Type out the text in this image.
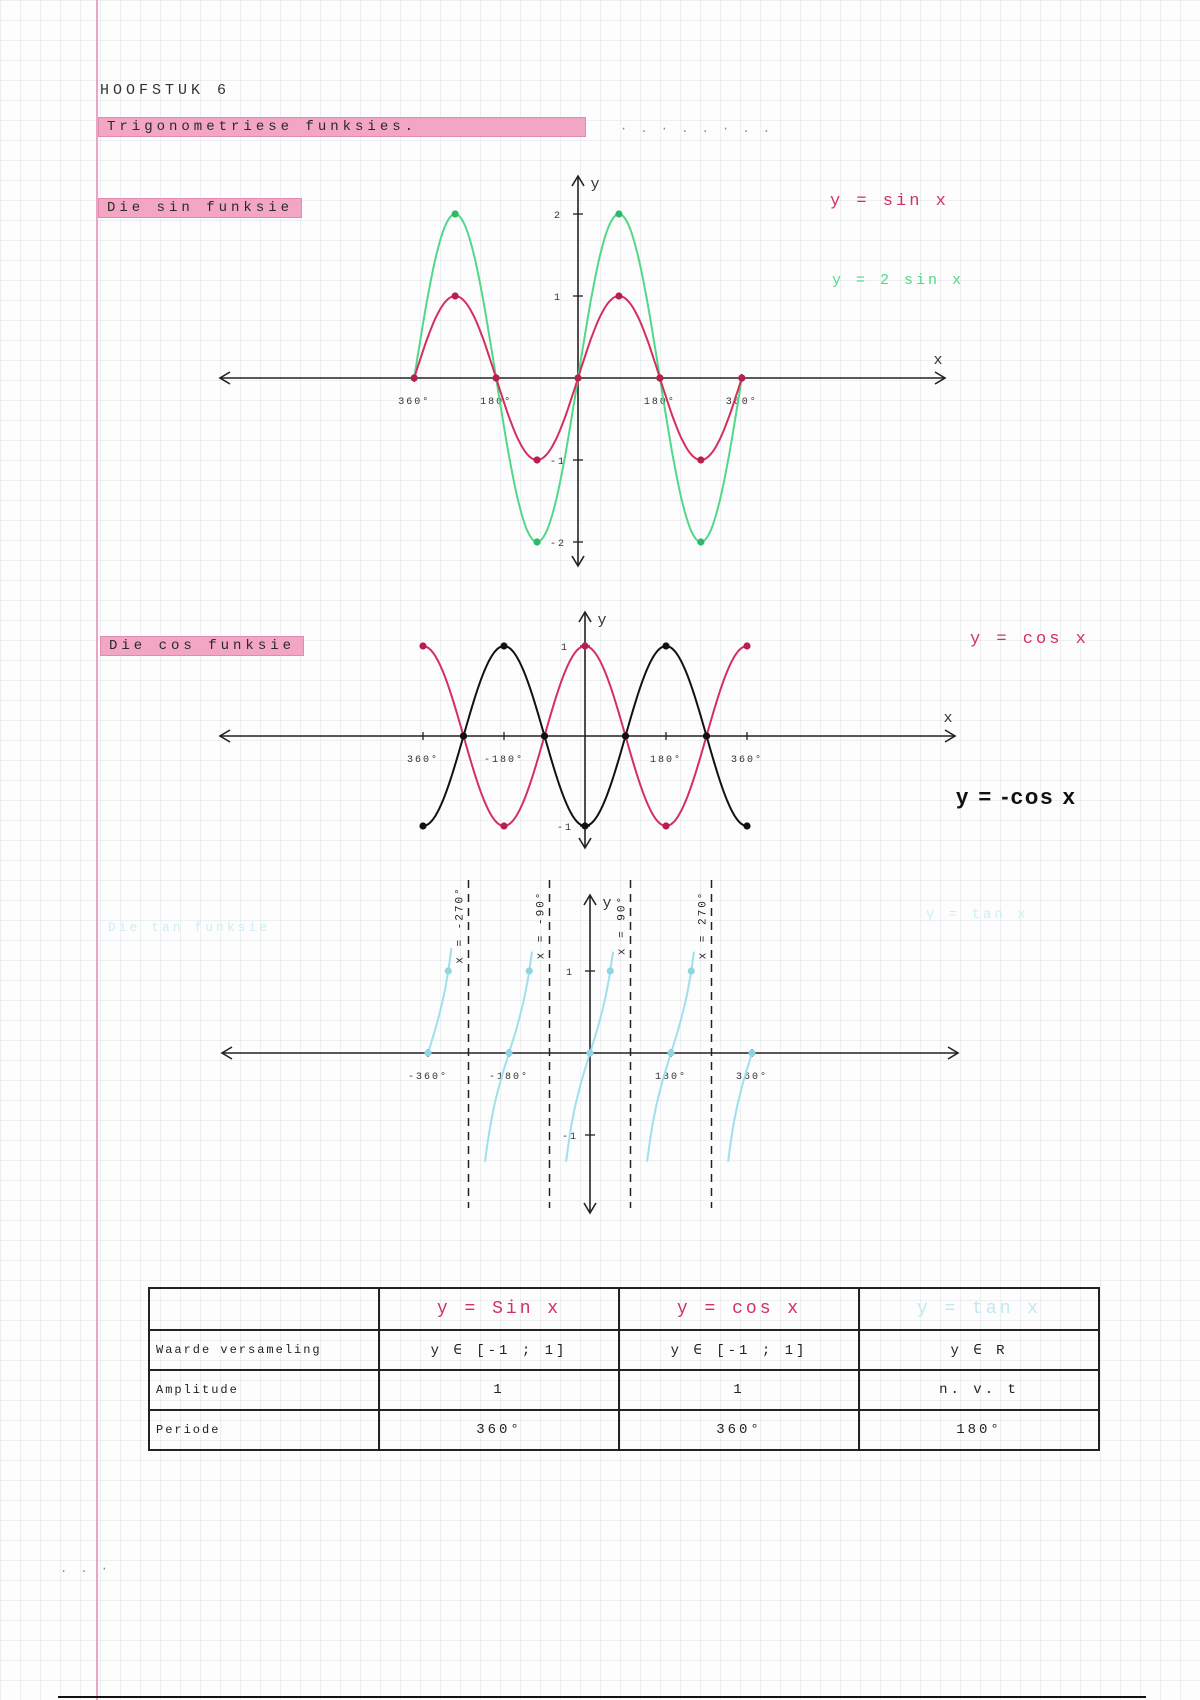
HOOFSTUK 6
Trigonometriese funksies.	· . · . . · . .
Die sin funksie
Die cos funksie
Die tan funksie
y = sin x
y = 2 sin x
y = cos x
y = -cos x
y = tan x
y
x
360°	180°	180°	360°
2
1
-1
-2
y
x
360°	-180°	180°	360°
1
-1
y
-360°	-180°	180°	360°
1
-1
x = -270°	x = -90°	x = 90°	x = 270°
	y = Sin x	y = cos x	y = tan x
Waarde versameling	y ∈ [-1 ; 1]	y ∈ [-1 ; 1]	y ∈ R
Amplitude	1	1	n. v. t
Periode	360°	360°	180°
. . ·
